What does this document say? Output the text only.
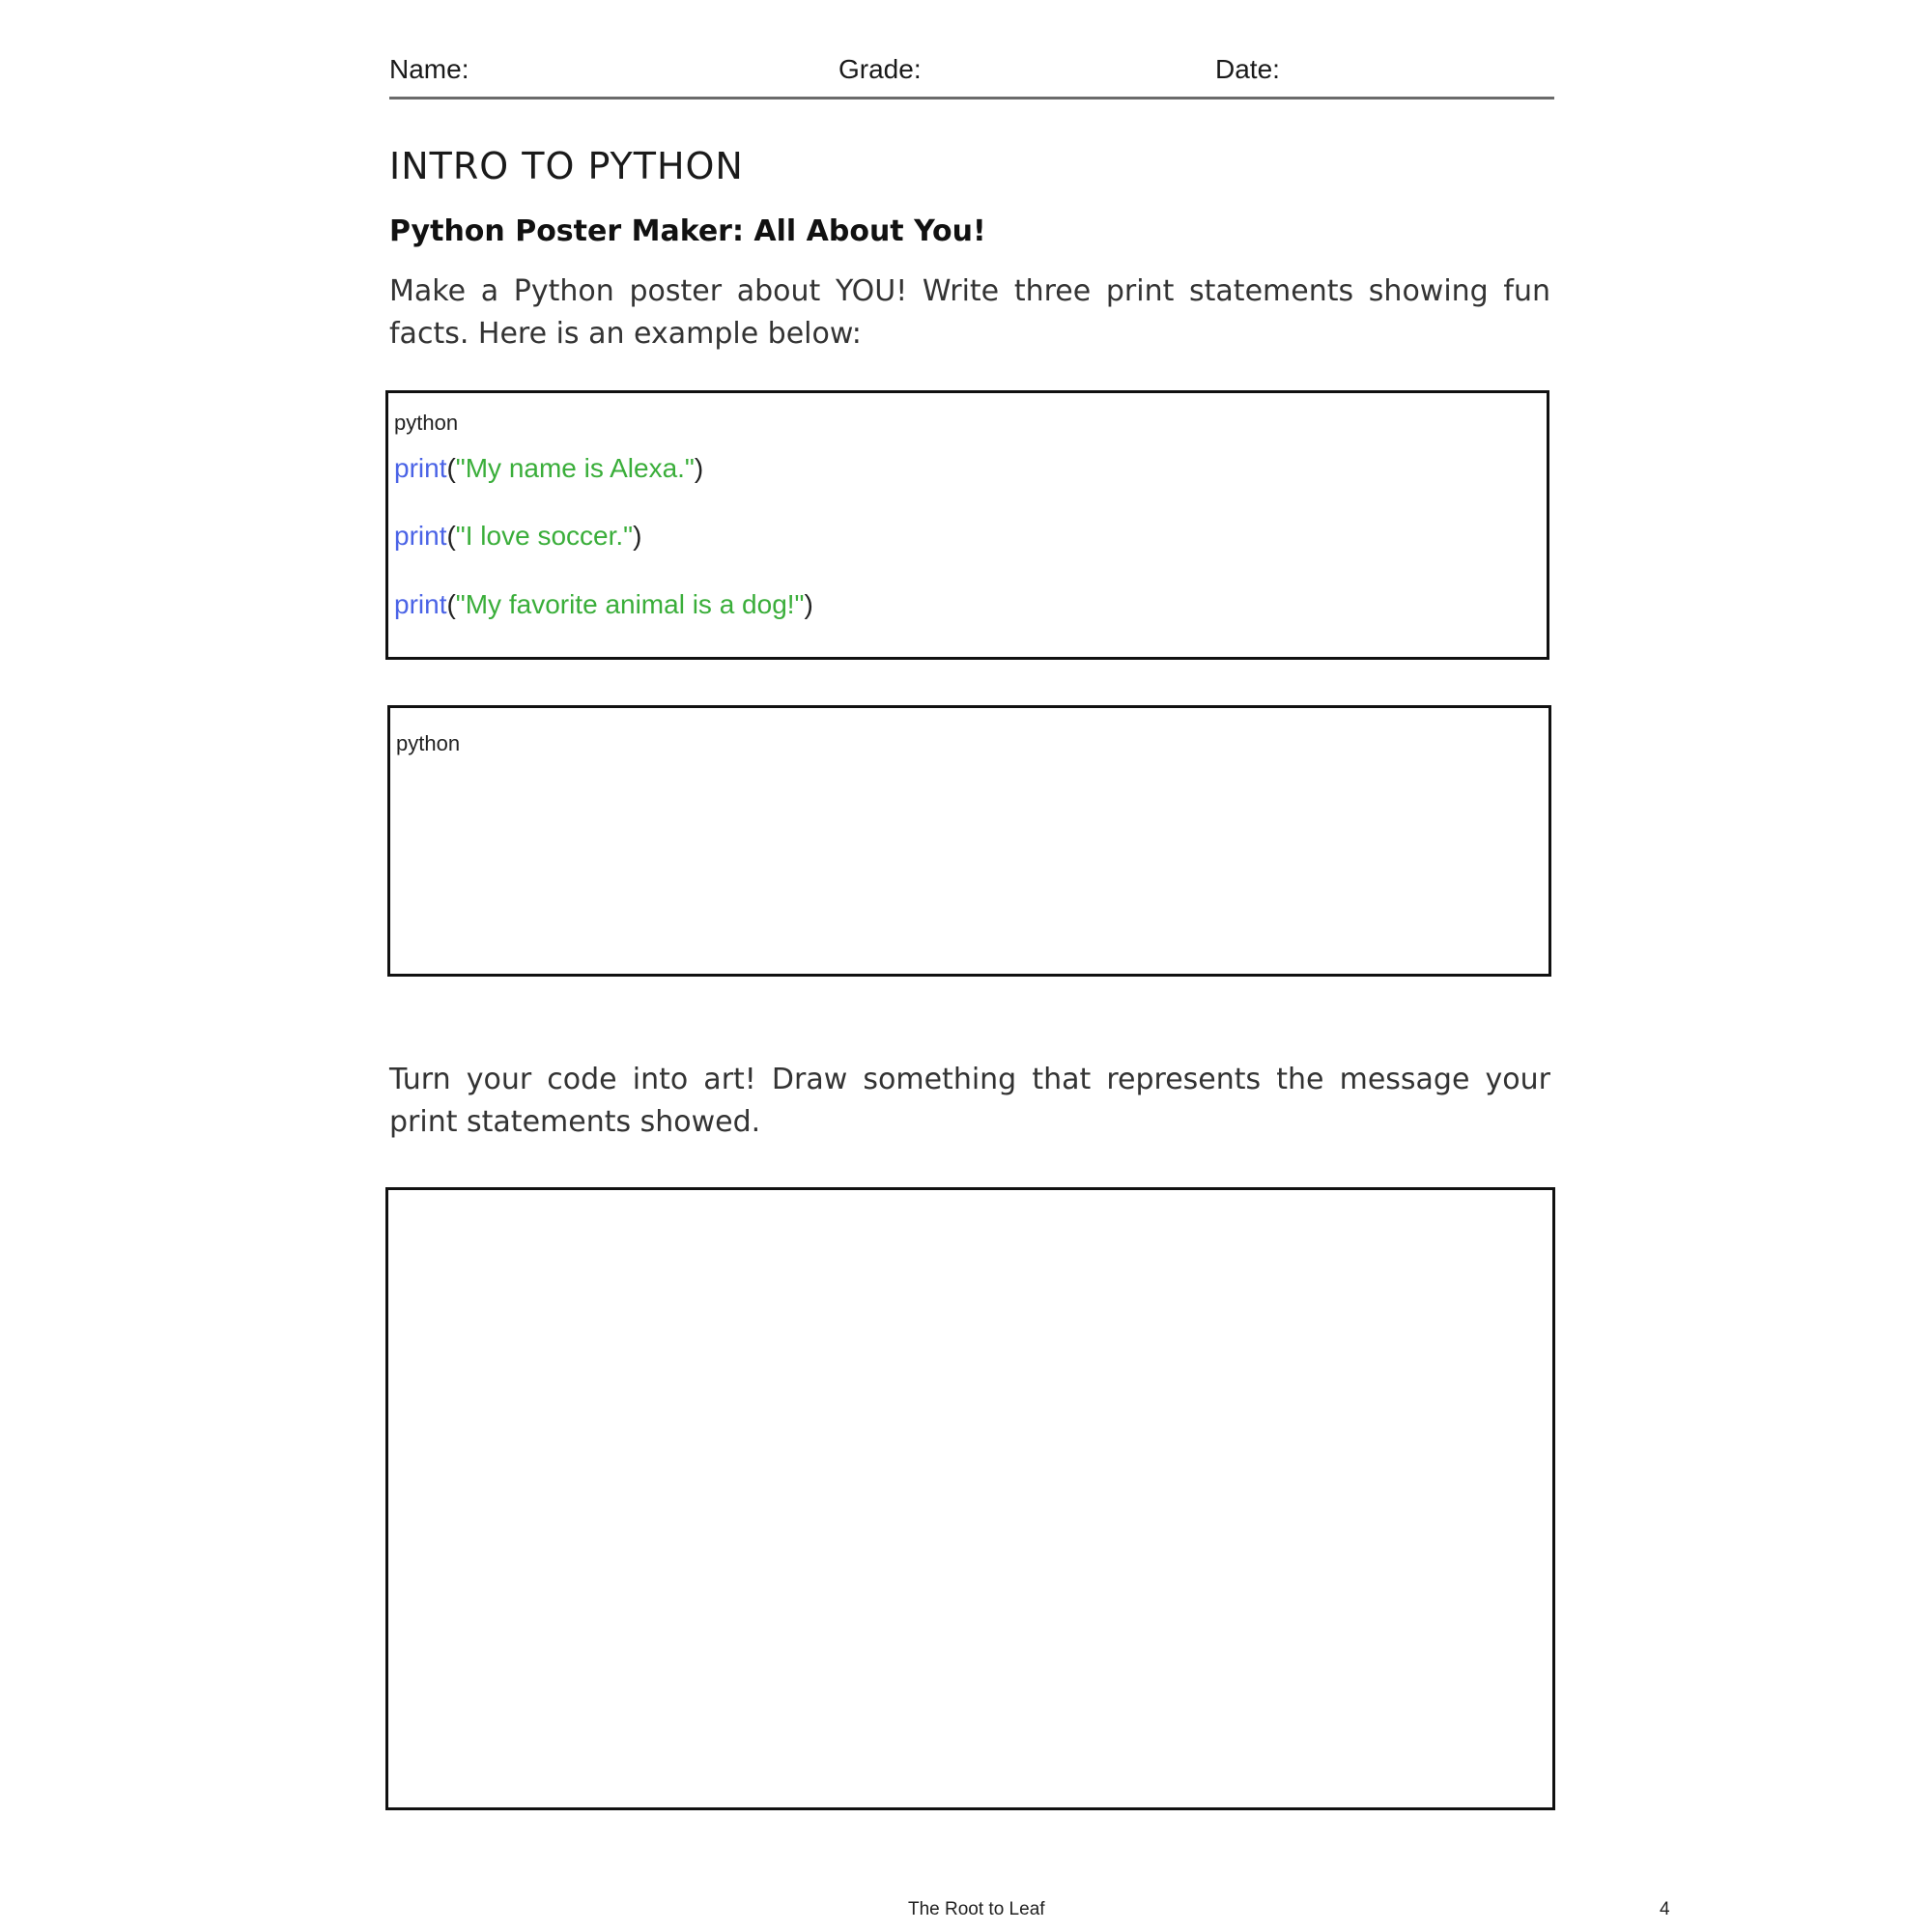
Name:	Grade:	Date:
INTRO TO PYTHON
Python Poster Maker: All About You!
Make a Python poster about YOU! Write three print statements showing fun facts. Here is an example below:
python
print("My name is Alexa.")
print("I love soccer.")
print("My favorite animal is a dog!")
python
Turn your code into art! Draw something that represents the message your print statements showed.
The Root to Leaf	4
